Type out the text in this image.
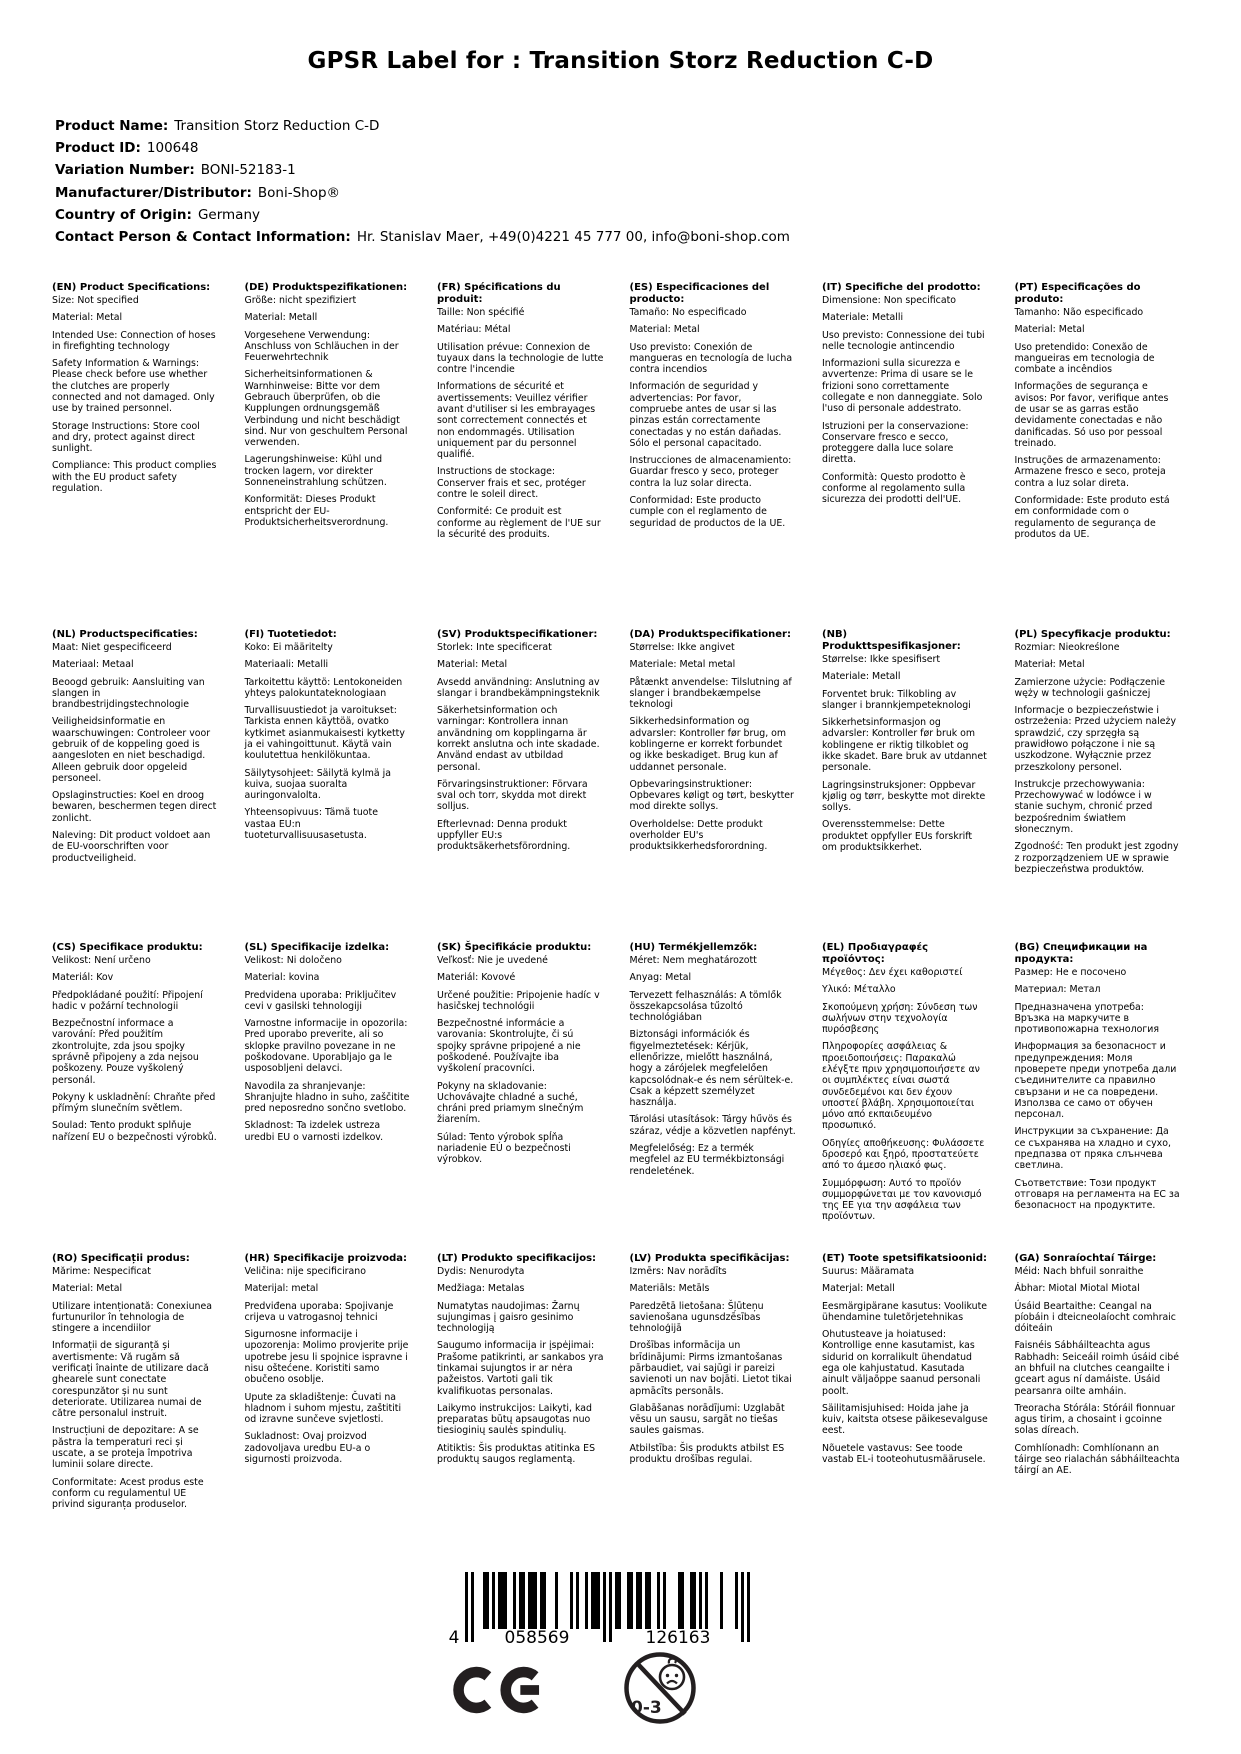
GPSR Label for : Transition Storz Reduction C-D
Product Name: Transition Storz Reduction C-D
Product ID: 100648
Variation Number: BONI-52183-1
Manufacturer/Distributor: Boni-Shop®
Country of Origin: Germany
Contact Person & Contact Information: Hr. Stanislav Maer, +49(0)4221 45 777 00, info@boni-shop.com
(EN) Product Specifications:

Size: Not specified

Material: Metal

Intended Use: Connection of hoses in firefighting technology

Safety Information & Warnings: Please check before use whether the clutches are properly connected and not damaged. Only use by trained personnel.

Storage Instructions: Store cool and dry, protect against direct sunlight.

Compliance: This product complies with the EU product safety regulation.

(DE) Produktspezifikationen:

Größe: nicht spezifiziert

Material: Metall

Vorgesehene Verwendung: Anschluss von Schläuchen in der Feuerwehrtechnik

Sicherheitsinformationen & Warnhinweise: Bitte vor dem Gebrauch überprüfen, ob die Kupplungen ordnungsgemäß Verbindung und nicht beschädigt sind. Nur von geschultem Personal verwenden.

Lagerungshinweise: Kühl und trocken lagern, vor direkter Sonneneinstrahlung schützen.

Konformität: Dieses Produkt entspricht der EU-Produktsicherheitsverordnung.

(FR) Spécifications du produit:

Taille: Non spécifié

Matériau: Métal

Utilisation prévue: Connexion de tuyaux dans la technologie de lutte contre l'incendie

Informations de sécurité et avertissements: Veuillez vérifier avant d'utiliser si les embrayages sont correctement connectés et non endommagés. Utilisation uniquement par du personnel qualifié.

Instructions de stockage: Conserver frais et sec, protéger contre le soleil direct.

Conformité: Ce produit est conforme au règlement de l'UE sur la sécurité des produits.

(ES) Especificaciones del producto:

Tamaño: No especificado

Material: Metal

Uso previsto: Conexión de mangueras en tecnología de lucha contra incendios

Información de seguridad y advertencias: Por favor, compruebe antes de usar si las pinzas están correctamente conectadas y no están dañadas. Sólo el personal capacitado.

Instrucciones de almacenamiento: Guardar fresco y seco, proteger contra la luz solar directa.

Conformidad: Este producto cumple con el reglamento de seguridad de productos de la UE.

(IT) Specifiche del prodotto:

Dimensione: Non specificato

Materiale: Metalli

Uso previsto: Connessione dei tubi nelle tecnologie antincendio

Informazioni sulla sicurezza e avvertenze: Prima di usare se le frizioni sono correttamente collegate e non danneggiate. Solo l'uso di personale addestrato.

Istruzioni per la conservazione: Conservare fresco e secco, proteggere dalla luce solare diretta.

Conformità: Questo prodotto è conforme al regolamento sulla sicurezza dei prodotti dell'UE.

(PT) Especificações do produto:

Tamanho: Não especificado

Material: Metal

Uso pretendido: Conexão de mangueiras em tecnologia de combate a incêndios

Informações de segurança e avisos: Por favor, verifique antes de usar se as garras estão devidamente conectadas e não danificadas. Só uso por pessoal treinado.

Instruções de armazenamento: Armazene fresco e seco, proteja contra a luz solar direta.

Conformidade: Este produto está em conformidade com o regulamento de segurança de produtos da UE.

(NL) Productspecificaties:

Maat: Niet gespecificeerd

Materiaal: Metaal

Beoogd gebruik: Aansluiting van slangen in brandbestrijdingstechnologie

Veiligheidsinformatie en waarschuwingen: Controleer voor gebruik of de koppeling goed is aangesloten en niet beschadigd. Alleen gebruik door opgeleid personeel.

Opslaginstructies: Koel en droog bewaren, beschermen tegen direct zonlicht.

Naleving: Dit product voldoet aan de EU-voorschriften voor productveiligheid.

(FI) Tuotetiedot:

Koko: Ei määritelty

Materiaali: Metalli

Tarkoitettu käyttö: Lentokoneiden yhteys palokuntateknologiaan

Turvallisuustiedot ja varoitukset: Tarkista ennen käyttöä, ovatko kytkimet asianmukaisesti kytketty ja ei vahingoittunut. Käytä vain koulutettua henkilökuntaa.

Säilytysohjeet: Säilytä kylmä ja kuiva, suojaa suoralta auringonvalolta.

Yhteensopivuus: Tämä tuote vastaa EU:n tuoteturvallisuusasetusta.

(SV) Produktspecifikationer:

Storlek: Inte specificerat

Material: Metal

Avsedd användning: Anslutning av slangar i brandbekämpningsteknik

Säkerhetsinformation och varningar: Kontrollera innan användning om kopplingarna är korrekt anslutna och inte skadade. Använd endast av utbildad personal.

Förvaringsinstruktioner: Förvara sval och torr, skydda mot direkt solljus.

Efterlevnad: Denna produkt uppfyller EU:s produktsäkerhetsförordning.

(DA) Produktspecifikationer:

Størrelse: Ikke angivet

Materiale: Metal metal

Påtænkt anvendelse: Tilslutning af slanger i brandbekæmpelse teknologi

Sikkerhedsinformation og advarsler: Kontroller før brug, om koblingerne er korrekt forbundet og ikke beskadiget. Brug kun af uddannet personale.

Opbevaringsinstruktioner: Opbevares køligt og tørt, beskytter mod direkte sollys.

Overholdelse: Dette produkt overholder EU's produktsikkerhedsforordning.

(NB) Produkttspesifikasjoner:

Størrelse: Ikke spesifisert

Materiale: Metall

Forventet bruk: Tilkobling av slanger i brannkjempeteknologi

Sikkerhetsinformasjon og advarsler: Kontroller før bruk om koblingene er riktig tilkoblet og ikke skadet. Bare bruk av utdannet personale.

Lagringsinstruksjoner: Oppbevar kjølig og tørr, beskytte mot direkte sollys.

Overensstemmelse: Dette produktet oppfyller EUs forskrift om produktsikkerhet.

(PL) Specyfikacje produktu:

Rozmiar: Nieokreślone

Materiał: Metal

Zamierzone użycie: Podłączenie węży w technologii gaśniczej

Informacje o bezpieczeństwie i ostrzeżenia: Przed użyciem należy sprawdzić, czy sprzęgła są prawidłowo połączone i nie są uszkodzone. Wyłącznie przez przeszkolony personel.

Instrukcje przechowywania: Przechowywać w lodówce i w stanie suchym, chronić przed bezpośrednim światłem słonecznym.

Zgodność: Ten produkt jest zgodny z rozporządzeniem UE w sprawie bezpieczeństwa produktów.

(CS) Specifikace produktu:

Velikost: Není určeno

Materiál: Kov

Předpokládané použití: Připojení hadic v požární technologii

Bezpečnostní informace a varování: Před použitím zkontrolujte, zda jsou spojky správně připojeny a zda nejsou poškozeny. Pouze vyškolený personál.

Pokyny k uskladnění: Chraňte před přímým slunečním světlem.

Soulad: Tento produkt splňuje nařízení EU o bezpečnosti výrobků.

(SL) Specifikacije izdelka:

Velikost: Ni določeno

Material: kovina

Predvidena uporaba: Priključitev cevi v gasilski tehnologiji

Varnostne informacije in opozorila: Pred uporabo preverite, ali so sklopke pravilno povezane in ne poškodovane. Uporabljajo ga le usposobljeni delavci.

Navodila za shranjevanje: Shranjujte hladno in suho, zaščitite pred neposredno sončno svetlobo.

Skladnost: Ta izdelek ustreza uredbi EU o varnosti izdelkov.

(SK) Špecifikácie produktu:

Veľkosť: Nie je uvedené

Materiál: Kovové

Určené použitie: Pripojenie hadíc v hasičskej technológii

Bezpečnostné informácie a varovania: Skontrolujte, či sú spojky správne pripojené a nie poškodené. Používajte iba vyškolení pracovníci.

Pokyny na skladovanie: Uchovávajte chladné a suché, chráni pred priamym slnečným žiarením.

Súlad: Tento výrobok spĺňa nariadenie EÚ o bezpečnosti výrobkov.

(HU) Termékjellemzők:

Méret: Nem meghatározott

Anyag: Metal

Tervezett felhasználás: A tömlők összekapcsolása tűzoltó technológiában

Biztonsági információk és figyelmeztetések: Kérjük, ellenőrizze, mielőtt használná, hogy a zárójelek megfelelően kapcsolódnak-e és nem sérültek-e. Csak a képzett személyzet használja.

Tárolási utasítások: Tárgy hűvös és száraz, védje a közvetlen napfényt.

Megfelelőség: Ez a termék megfelel az EU termékbiztonsági rendeletének.

(EL) Προδιαγραφές προϊόντος:

Μέγεθος: Δεν έχει καθοριστεί

Υλικό: Μέταλλο

Σκοπούμενη χρήση: Σύνδεση των σωλήνων στην τεχνολογία πυρόσβεσης

Πληροφορίες ασφάλειας & προειδοποιήσεις: Παρακαλώ ελέγξτε πριν χρησιμοποιήσετε αν οι συμπλέκτες είναι σωστά συνδεδεμένοι και δεν έχουν υποστεί βλάβη. Χρησιμοποιείται μόνο από εκπαιδευμένο προσωπικό.

Οδηγίες αποθήκευσης: Φυλάσσετε δροσερό και ξηρό, προστατεύετε από το άμεσο ηλιακό φως.

Συμμόρφωση: Αυτό το προϊόν συμμορφώνεται με τον κανονισμό της ΕΕ για την ασφάλεια των προϊόντων.

(BG) Спецификации на продукта:

Размер: Не е посочено

Материал: Метал

Предназначена употреба: Връзка на маркучите в противопожарна технология

Информация за безопасност и предупреждения: Моля проверете преди употреба дали съединителите са правилно свързани и не са повредени. Използва се само от обучен персонал.

Инструкции за съхранение: Да се съхранява на хладно и сухо, предпазва от пряка слънчева светлина.

Съответствие: Този продукт отговаря на регламента на ЕС за безопасност на продуктите.

(RO) Specificații produs:

Mărime: Nespecificat

Material: Metal

Utilizare intenționată: Conexiunea furtunurilor în tehnologia de stingere a incendiilor

Informații de siguranță și avertismente: Vă rugăm să verificați înainte de utilizare dacă ghearele sunt conectate corespunzător și nu sunt deteriorate. Utilizarea numai de către personalul instruit.

Instrucțiuni de depozitare: A se păstra la temperaturi reci și uscate, a se proteja împotriva luminii solare directe.

Conformitate: Acest produs este conform cu regulamentul UE privind siguranța produselor.

(HR) Specifikacije proizvoda:

Veličina: nije specificirano

Materijal: metal

Predviđena uporaba: Spojivanje crijeva u vatrogasnoj tehnici

Sigurnosne informacije i upozorenja: Molimo provjerite prije upotrebe jesu li spojnice ispravne i nisu oštećene. Koristiti samo obučeno osoblje.

Upute za skladištenje: Čuvati na hladnom i suhom mjestu, zaštititi od izravne sunčeve svjetlosti.

Sukladnost: Ovaj proizvod zadovoljava uredbu EU-a o sigurnosti proizvoda.

(LT) Produkto specifikacijos:

Dydis: Nenurodyta

Medžiaga: Metalas

Numatytas naudojimas: Žarnų sujungimas į gaisro gesinimo technologiją

Saugumo informacija ir įspėjimai: Prašome patikrinti, ar sankabos yra tinkamai sujungtos ir ar nėra pažeistos. Vartoti gali tik kvalifikuotas personalas.

Laikymo instrukcijos: Laikyti, kad preparatas būtų apsaugotas nuo tiesioginių saulės spindulių.

Atitiktis: Šis produktas atitinka ES produktų saugos reglamentą.

(LV) Produkta specifikācijas:

Izmērs: Nav norādīts

Materiāls: Metāls

Paredzētā lietošana: Šļūteņu savienošana ugunsdzēsības tehnoloģijā

Drošības informācija un brīdinājumi: Pirms izmantošanas pārbaudiet, vai sajūgi ir pareizi savienoti un nav bojāti. Lietot tikai apmācīts personāls.

Glabāšanas norādījumi: Uzglabāt vēsu un sausu, sargāt no tiešas saules gaismas.

Atbilstība: Šis produkts atbilst ES produktu drošības regulai.

(ET) Toote spetsifikatsioonid:

Suurus: Määramata

Materjal: Metall

Eesmärgipärane kasutus: Voolikute ühendamine tuletõrjetehnikas

Ohutusteave ja hoiatused: Kontrollige enne kasutamist, kas sidurid on korralikult ühendatud ega ole kahjustatud. Kasutada ainult väljaõppe saanud personali poolt.

Säilitamisjuhised: Hoida jahe ja kuiv, kaitsta otsese päikesevalguse eest.

Nõuetele vastavus: See toode vastab EL-i tooteohutusmäärusele.

(GA) Sonraíochtaí Táirge:

Méid: Nach bhfuil sonraithe

Ábhar: Miotal Miotal Miotal

Úsáid Beartaithe: Ceangal na píobáin i dteicneolaíocht comhraic dóiteáin

Faisnéis Sábháilteachta agus Rabhadh: Seiceáil roimh úsáid cibé an bhfuil na clutches ceangailte i gceart agus ní damáiste. Úsáid pearsanra oilte amháin.

Treoracha Stórála: Stóráil fionnuar agus tirim, a chosaint i gcoinne solas díreach.

Comhlíonadh: Comhlíonann an táirge seo rialachán sábháilteachta táirgí an AE.

4	058569	126163
0-3
